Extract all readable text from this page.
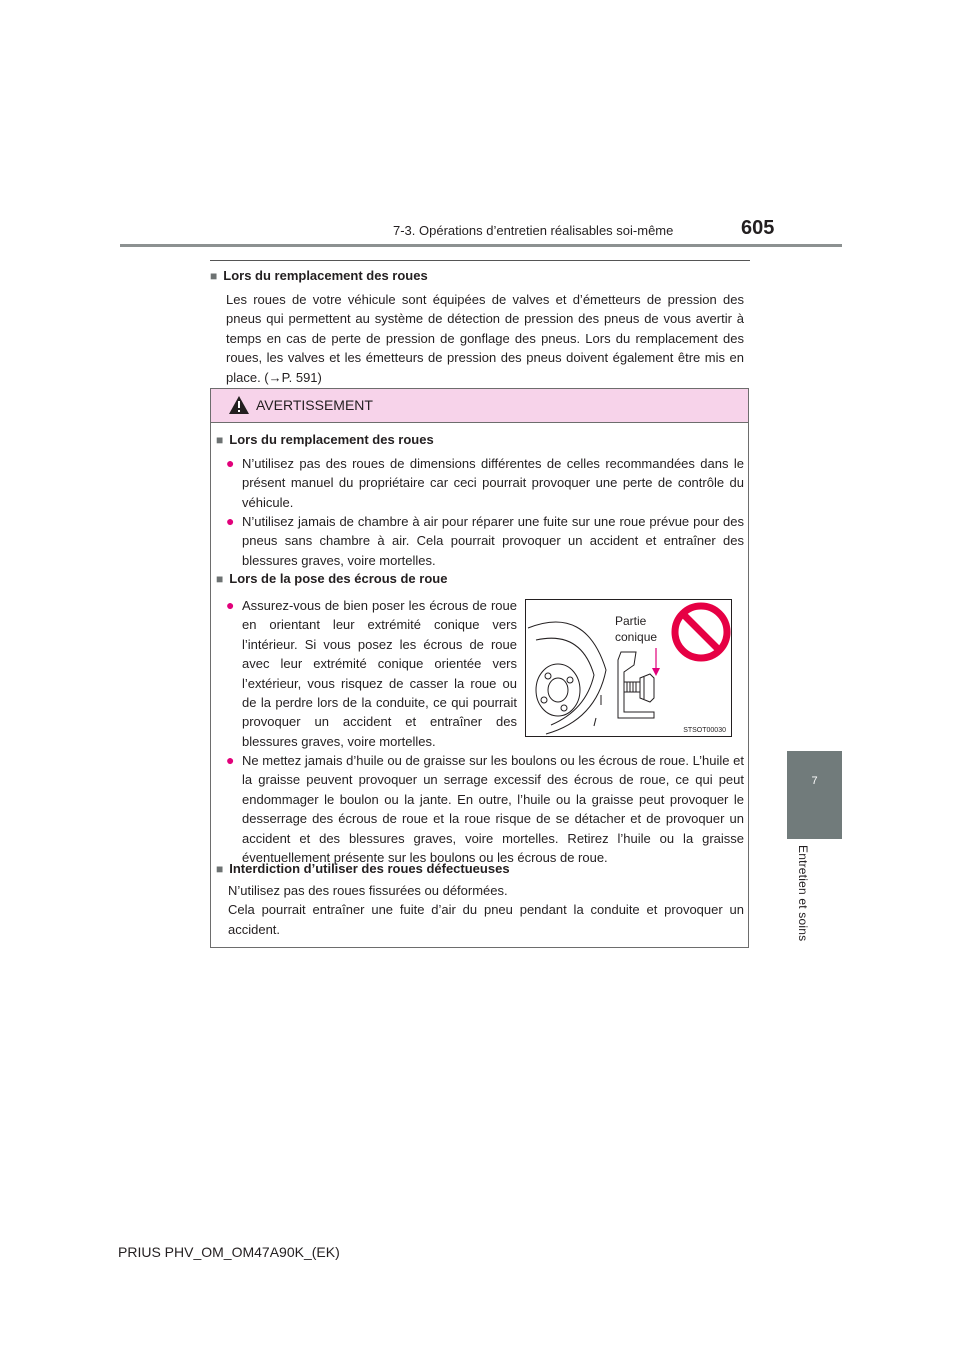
7-3. Opérations d’entretien réalisables soi-même	605
7
Entretien et soins
■ Lors du remplacement des roues
Les roues de votre véhicule sont équipées de valves et d’émetteurs de pression des pneus qui permettent au système de détection de pression des pneus de vous avertir à temps en cas de perte de pression de gonflage des pneus. Lors du remplacement des roues, les valves et les émetteurs de pression des pneus doivent également être mis en place. (→P. 591)
AVERTISSEMENT
■ Lors du remplacement des roues
● N’utilisez pas des roues de dimensions différentes de celles recommandées dans le présent manuel du propriétaire car ceci pourrait provoquer une perte de contrôle du véhicule.
● N’utilisez jamais de chambre à air pour réparer une fuite sur une roue prévue pour des pneus sans chambre à air. Cela pourrait provoquer un accident et entraîner des blessures graves, voire mortelles.
■ Lors de la pose des écrous de roue
● Assurez-vous de bien poser les écrous de roue en orientant leur extrémité conique vers l’intérieur. Si vous posez les écrous de roue avec leur extrémité conique orientée vers l’extérieur, vous risquez de casser la roue ou de la perdre lors de la conduite, ce qui pourrait provoquer un accident et entraîner des blessures graves, voire mortelles.
● Ne mettez jamais d’huile ou de graisse sur les boulons ou les écrous de roue. L’huile et la graisse peuvent provoquer un serrage excessif des écrous de roue, ce qui peut endommager le boulon ou la jante. En outre, l’huile ou la graisse peut provoquer le desserrage des écrous de roue et la roue risque de se détacher et de provoquer un accident et des blessures graves, voire mortelles. Retirez l’huile ou la graisse éventuellement présente sur les boulons ou les écrous de roue.
■ Interdiction d’utiliser des roues défectueuses
N’utilisez pas des roues fissurées ou déformées.
Cela pourrait entraîner une fuite d’air du pneu pendant la conduite et provoquer un accident.
Partie
conique
STSOT00030
PRIUS PHV_OM_OM47A90K_(EK)
